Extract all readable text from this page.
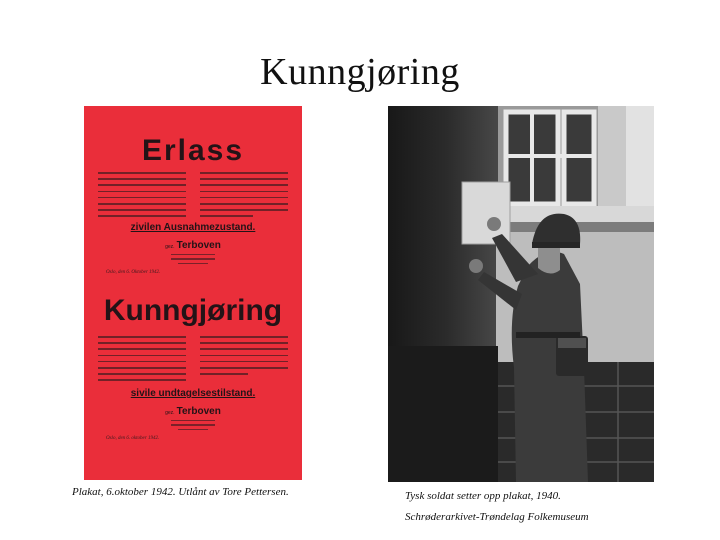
Kunngjøring
Erlass
zivilen Ausnahmezustand.
gez. Terboven
Oslo, den 6. Oktober 1942.
Kunngjøring
sivile undtagelsestilstand.
gez. Terboven
Oslo, den 6. oktober 1942.
Plakat, 6.oktober 1942. Utlånt av Tore Pettersen.	Tysk soldat setter opp plakat, 1940.
Schrøderarkivet-Trøndelag Folkemuseum
